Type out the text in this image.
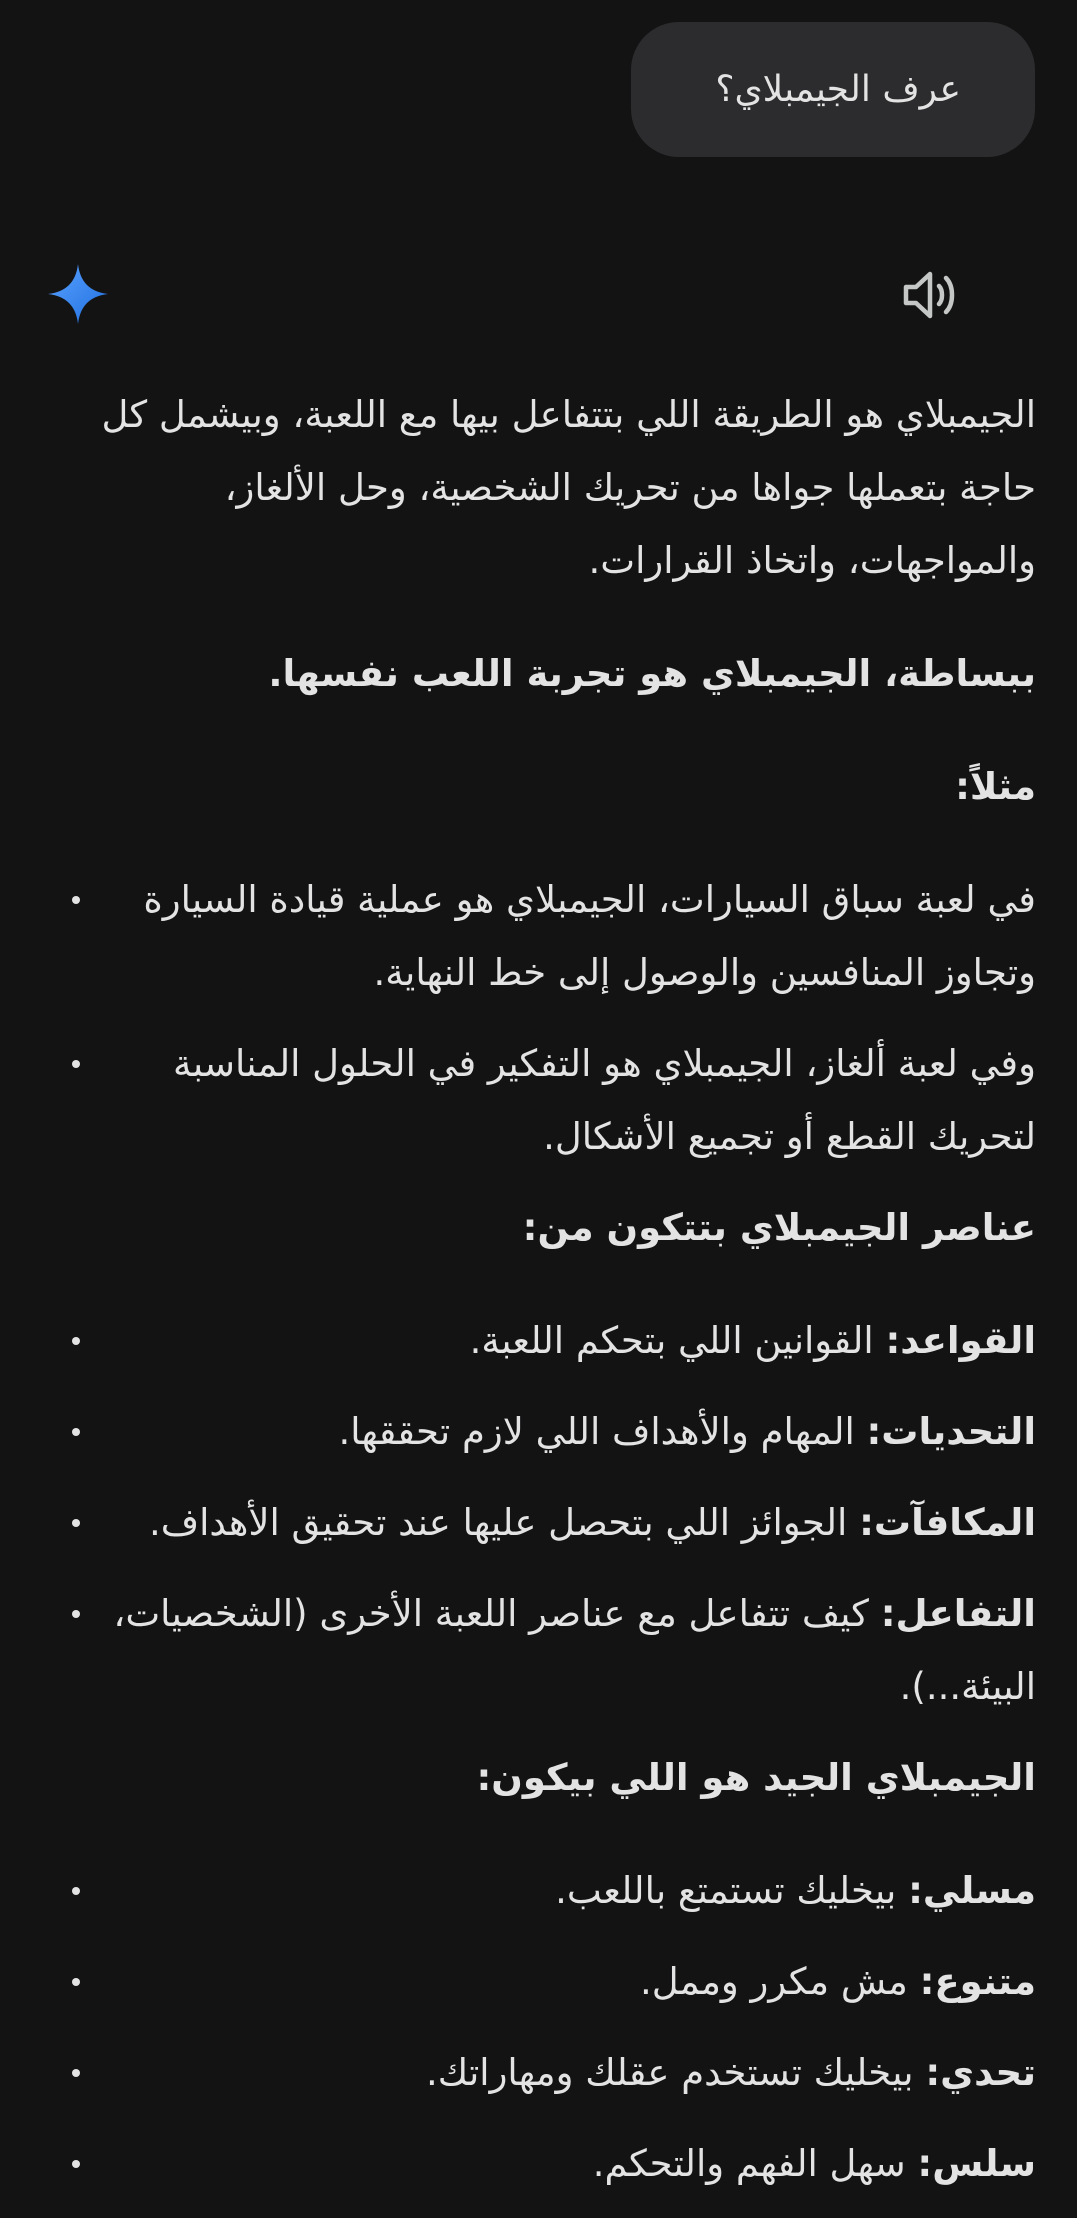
عرف الجيمبلاي؟

الجيمبلاي هو الطريقة اللي بتتفاعل بيها مع اللعبة، وبيشمل كل حاجة بتعملها جواها من تحريك الشخصية، وحل الألغاز، والمواجهات، واتخاذ القرارات.

ببساطة، الجيمبلاي هو تجربة اللعب نفسها.

مثلاً:

في لعبة سباق السيارات، الجيمبلاي هو عملية قيادة السيارة وتجاوز المنافسين والوصول إلى خط النهاية.
وفي لعبة ألغاز، الجيمبلاي هو التفكير في الحلول المناسبة لتحريك القطع أو تجميع الأشكال.

عناصر الجيمبلاي بتتكون من:

القواعد: القوانين اللي بتحكم اللعبة.
التحديات: المهام والأهداف اللي لازم تحققها.
المكافآت: الجوائز اللي بتحصل عليها عند تحقيق الأهداف.
التفاعل: كيف تتفاعل مع عناصر اللعبة الأخرى (الشخصيات، البيئة...).

الجيمبلاي الجيد هو اللي بيكون:

مسلي: بيخليك تستمتع باللعب.
متنوع: مش مكرر وممل.
تحدي: بيخليك تستخدم عقلك ومهاراتك.
سلس: سهل الفهم والتحكم.
